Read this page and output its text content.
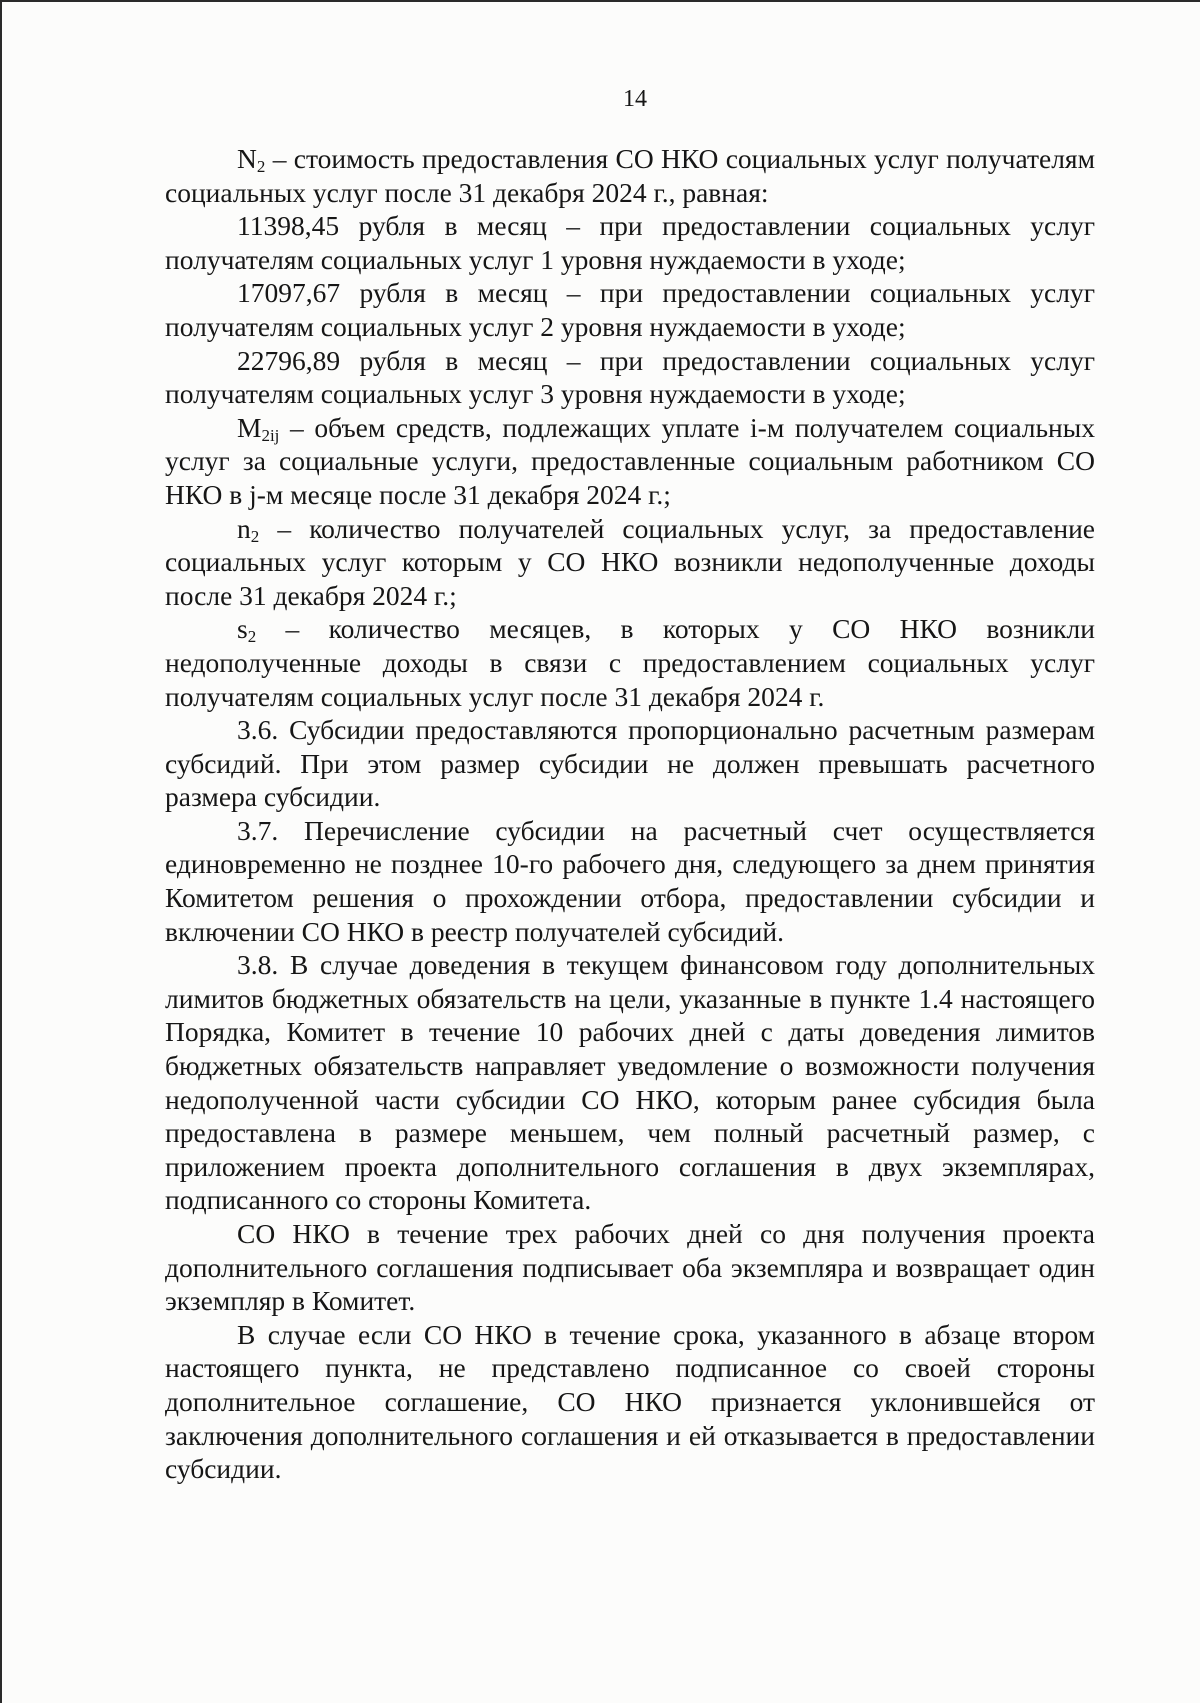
14

$N_2$ – стоимость предоставления СО НКО социальных услуг получателям социальных услуг после 31 декабря 2024 г., равная:

11398,45 рубля в месяц – при предоставлении социальных услуг получателям социальных услуг 1 уровня нуждаемости в уходе;

17097,67 рубля в месяц – при предоставлении социальных услуг получателям социальных услуг 2 уровня нуждаемости в уходе;

22796,89 рубля в месяц – при предоставлении социальных услуг получателям социальных услуг 3 уровня нуждаемости в уходе;

$M_{2ij}$ – объем средств, подлежащих уплате i-м получателем социальных услуг за социальные услуги, предоставленные социальным работником СО НКО в j-м месяце после 31 декабря 2024 г.;

$n_2$ – количество получателей социальных услуг, за предоставление социальных услуг которым у СО НКО возникли недополученные доходы после 31 декабря 2024 г.;

$s_2$ – количество месяцев, в которых у СО НКО возникли недополученные доходы в связи с предоставлением социальных услуг получателям социальных услуг после 31 декабря 2024 г.

3.6. Субсидии предоставляются пропорционально расчетным размерам субсидий. При этом размер субсидии не должен превышать расчетного размера субсидии.

3.7. Перечисление субсидии на расчетный счет осуществляется единовременно не позднее 10-го рабочего дня, следующего за днем принятия Комитетом решения о прохождении отбора, предоставлении субсидии и включении СО НКО в реестр получателей субсидий.

3.8. В случае доведения в текущем финансовом году дополнительных лимитов бюджетных обязательств на цели, указанные в пункте 1.4 настоящего Порядка, Комитет в течение 10 рабочих дней с даты доведения лимитов бюджетных обязательств направляет уведомление о возможности получения недополученной части субсидии СО НКО, которым ранее субсидия была предоставлена в размере меньшем, чем полный расчетный размер, с приложением проекта дополнительного соглашения в двух экземплярах, подписанного со стороны Комитета.

СО НКО в течение трех рабочих дней со дня получения проекта дополнительного соглашения подписывает оба экземпляра и возвращает один экземпляр в Комитет.

В случае если СО НКО в течение срока, указанного в абзаце втором настоящего пункта, не представлено подписанное со своей стороны дополнительное соглашение, СО НКО признается уклонившейся от заключения дополнительного соглашения и ей отказывается в предоставлении субсидии.
